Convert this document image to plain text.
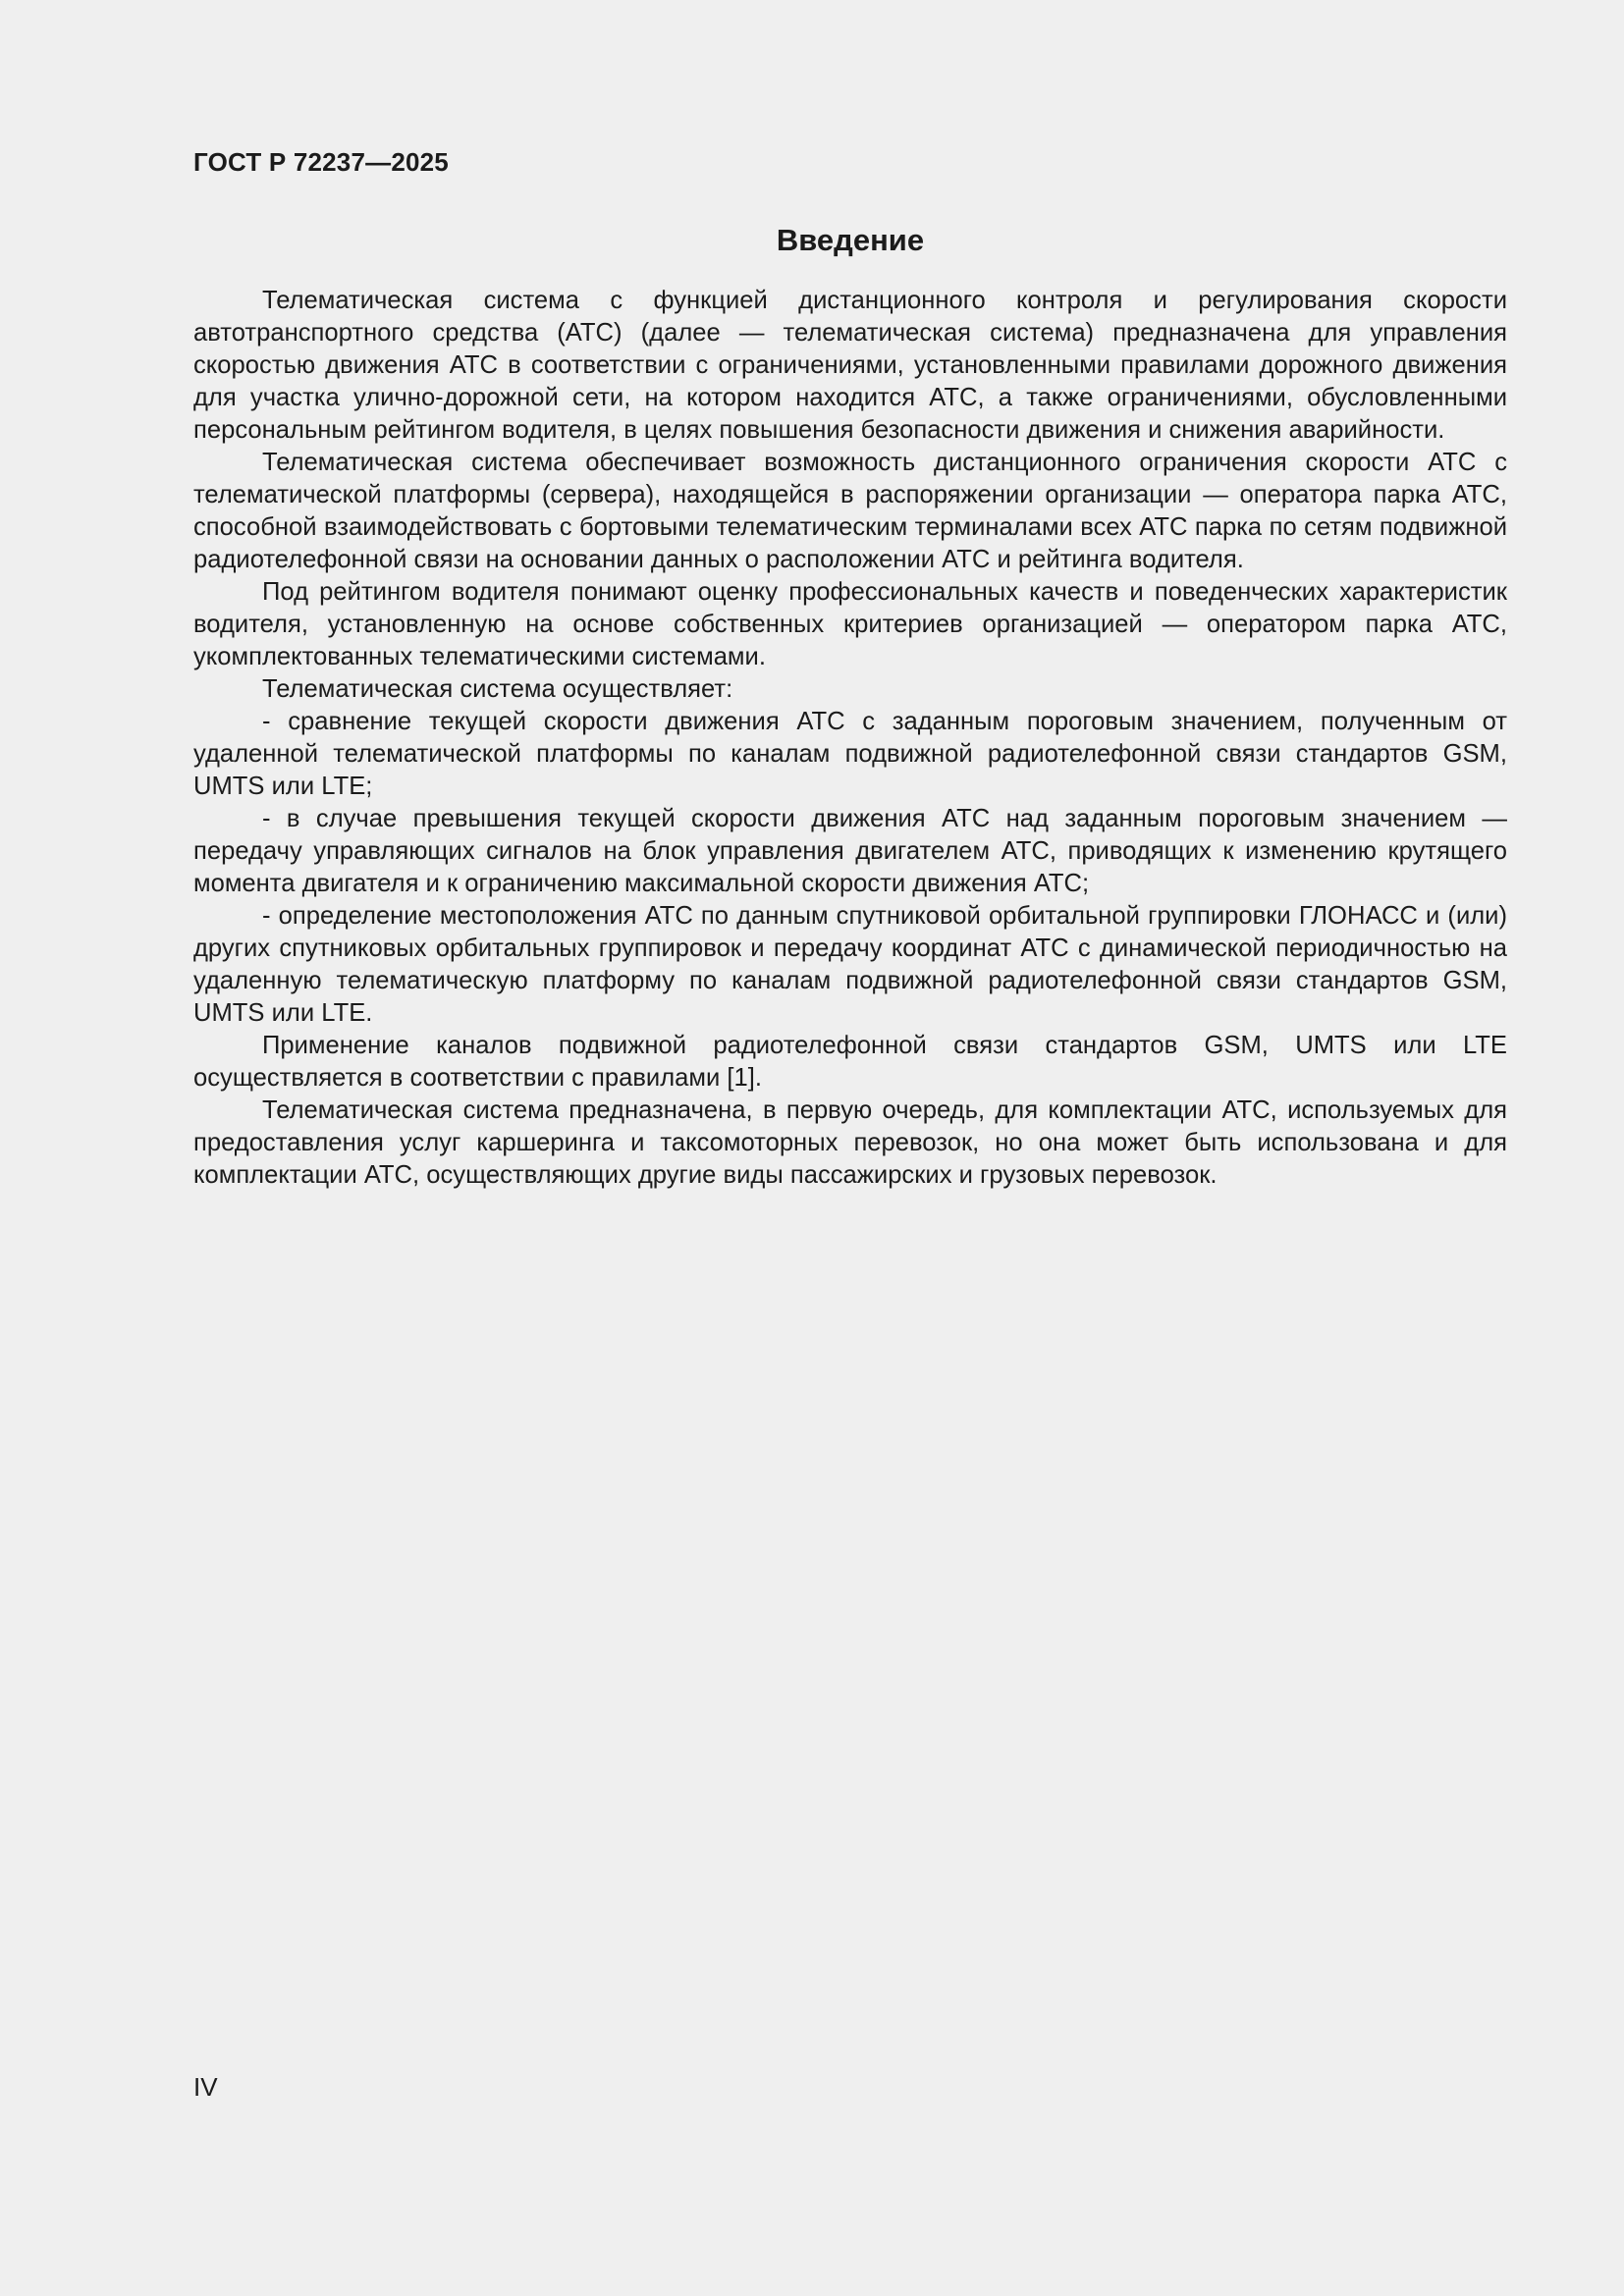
ГОСТ Р 72237—2025
Введение

Телематическая система с функцией дистанционного контроля и регулирования скорости автотранспортного средства (АТС) (далее — телематическая система) предназначена для управления скоростью движения АТС в соответствии с ограничениями, установленными правилами дорожного движения для участка улично-дорожной сети, на котором находится АТС, а также ограничениями, обусловленными персональным рейтингом водителя, в целях повышения безопасности движения и снижения аварийности.

Телематическая система обеспечивает возможность дистанционного ограничения скорости АТС с телематической платформы (сервера), находящейся в распоряжении организации — оператора парка АТС, способной взаимодействовать с бортовыми телематическим терминалами всех АТС парка по сетям подвижной радиотелефонной связи на основании данных о расположении АТС и рейтинга водителя.

Под рейтингом водителя понимают оценку профессиональных качеств и поведенческих характеристик водителя, установленную на основе собственных критериев организацией — оператором парка АТС, укомплектованных телематическими системами.

Телематическая система осуществляет:

- сравнение текущей скорости движения АТС с заданным пороговым значением, полученным от удаленной телематической платформы по каналам подвижной радиотелефонной связи стандартов GSM, UMTS или LTE;

- в случае превышения текущей скорости движения АТС над заданным пороговым значением — передачу управляющих сигналов на блок управления двигателем АТС, приводящих к изменению крутящего момента двигателя и к ограничению максимальной скорости движения АТС;

- определение местоположения АТС по данным спутниковой орбитальной группировки ГЛОНАСС и (или) других спутниковых орбитальных группировок и передачу координат АТС с динамической периодичностью на удаленную телематическую платформу по каналам подвижной радиотелефонной связи стандартов GSM, UMTS или LTE.

Применение каналов подвижной радиотелефонной связи стандартов GSM, UMTS или LTE осуществляется в соответствии с правилами [1].

Телематическая система предназначена, в первую очередь, для комплектации АТС, используемых для предоставления услуг каршеринга и таксомоторных перевозок, но она может быть использована и для комплектации АТС, осуществляющих другие виды пассажирских и грузовых перевозок.

IV
